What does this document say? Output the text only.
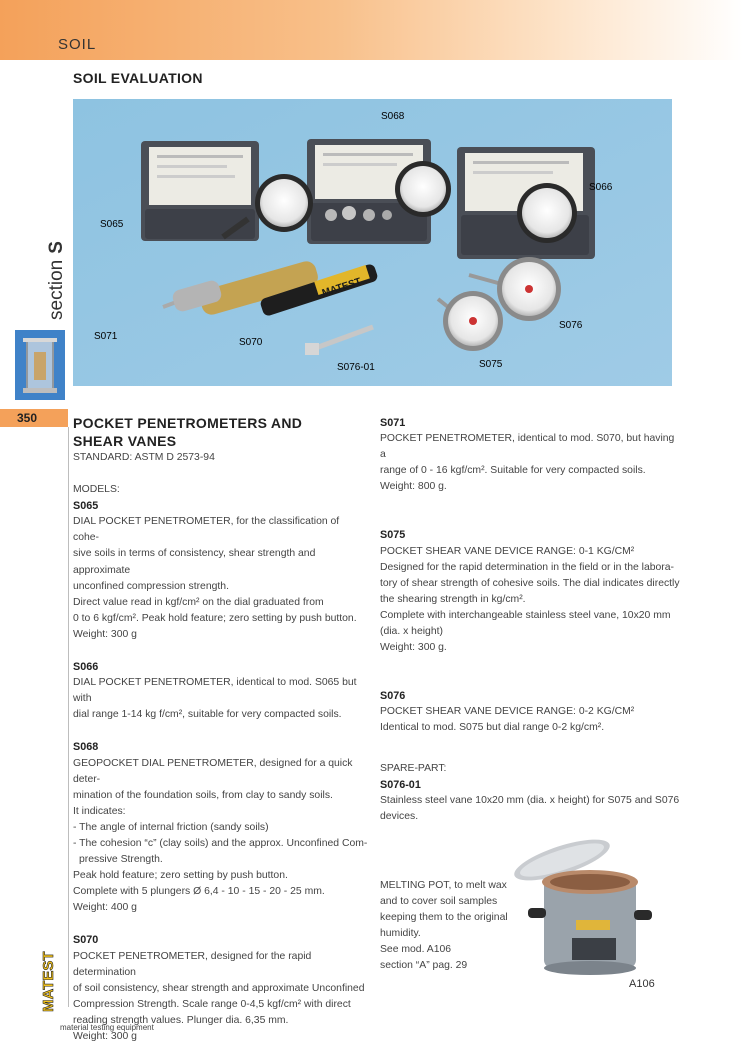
SOIL
SOIL EVALUATION
sectionS
350
MATEST
S068
S065
S066
S071
S070
S076-01	S075
S076

POCKET PENETROMETERS AND

SHEAR VANES

STANDARD: ASTM D 2573-94

MODELS:

S065

DIAL POCKET PENETROMETER, for the classification of cohe-

sive soils in terms of consistency, shear strength and approximate

unconfined compression strength.

Direct value read in kgf/cm² on the dial graduated from

0 to 6 kgf/cm². Peak hold feature; zero setting by push button.

Weight: 300 g

S066

DIAL POCKET PENETROMETER, identical to mod. S065 but with

dial range 1-14 kg f/cm², suitable for very compacted soils.

S068

GEOPOCKET DIAL PENETROMETER, designed for a quick deter-

mination of the foundation soils, from clay to sandy soils.

It indicates:

- The angle of internal friction (sandy soils)

- The cohesion “c” (clay soils) and the approx. Unconfined Com-

pressive Strength.

Peak hold feature; zero setting by push button.

Complete with 5 plungers Ø 6,4 - 10 - 15 - 20 - 25 mm.

Weight: 400 g

S070

POCKET PENETROMETER, designed for the rapid determination

of soil consistency, shear strength and approximate Unconfined

Compression Strength. Scale range 0-4,5 kgf/cm² with direct

reading strength values. Plunger dia. 6,35 mm.

Weight: 300 g

S071

POCKET PENETROMETER, identical to mod. S070, but having a

range of 0 - 16 kgf/cm². Suitable for very compacted soils.

Weight: 800 g.

S075

POCKET SHEAR VANE DEVICE RANGE: 0-1 KG/CM²

Designed for the rapid determination in the field or in the labora-

tory of shear strength of cohesive soils. The dial indicates directly

the shearing strength in kg/cm².

Complete with interchangeable stainless steel vane, 10x20 mm

(dia. x height)

Weight: 300 g.

S076

POCKET SHEAR VANE DEVICE RANGE: 0-2 KG/CM²

Identical to mod. S075 but dial range 0-2 kg/cm².

SPARE-PART:

S076-01

Stainless steel vane 10x20 mm (dia. x height) for S075 and S076

devices.

MELTING POT, to melt wax

and to cover soil samples

keeping them to the original

humidity.

See mod. A106

section “A” pag. 29

A106
MATEST
material testing equipment
